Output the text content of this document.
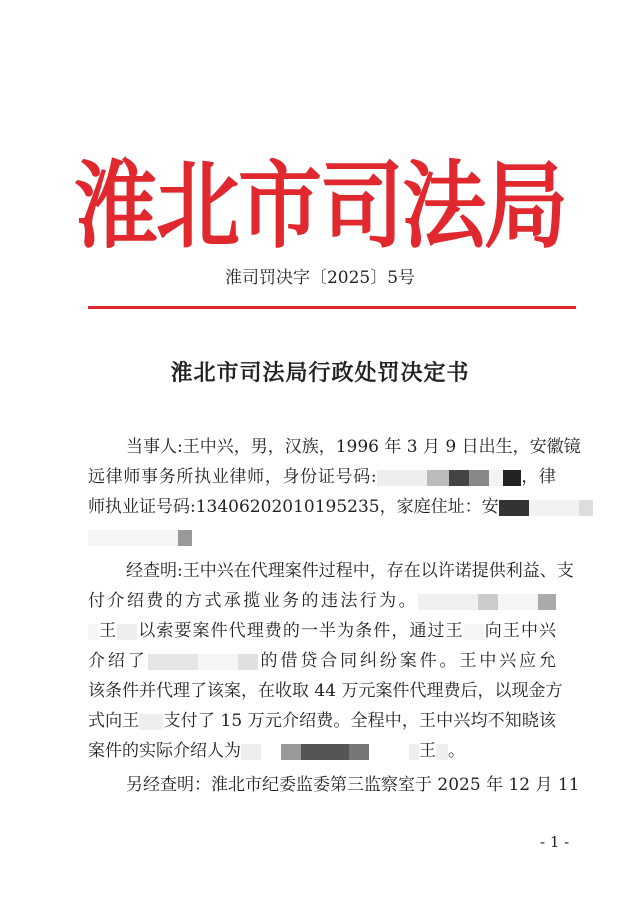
淮北市司法局
淮司罚决字〔2025〕5号
淮北市司法局行政处罚决定书
当事人:王中兴，男，汉族，1996 年 3 月 9 日出生，安徽镜
远律师事务所执业律师，身份证号码:	，律
师执业证号码:13406202010195235，家庭住址：安
经查明:王中兴在代理案件过程中，存在以许诺提供利益、支
付介绍费的方式承揽业务的违法行为。
王 以索要案件代理费的一半为条件，通过王 向王中兴
介绍了	的借贷合同纠纷案件。王中兴应允
该条件并代理了该案，在收取 44 万元案件代理费后，以现金方
式向王 支付了 15 万元介绍费。全程中，王中兴均不知晓该
案件的实际介绍人为	王 。
另经查明：淮北市纪委监委第三监察室于 2025 年 12 月 11
- 1 -
